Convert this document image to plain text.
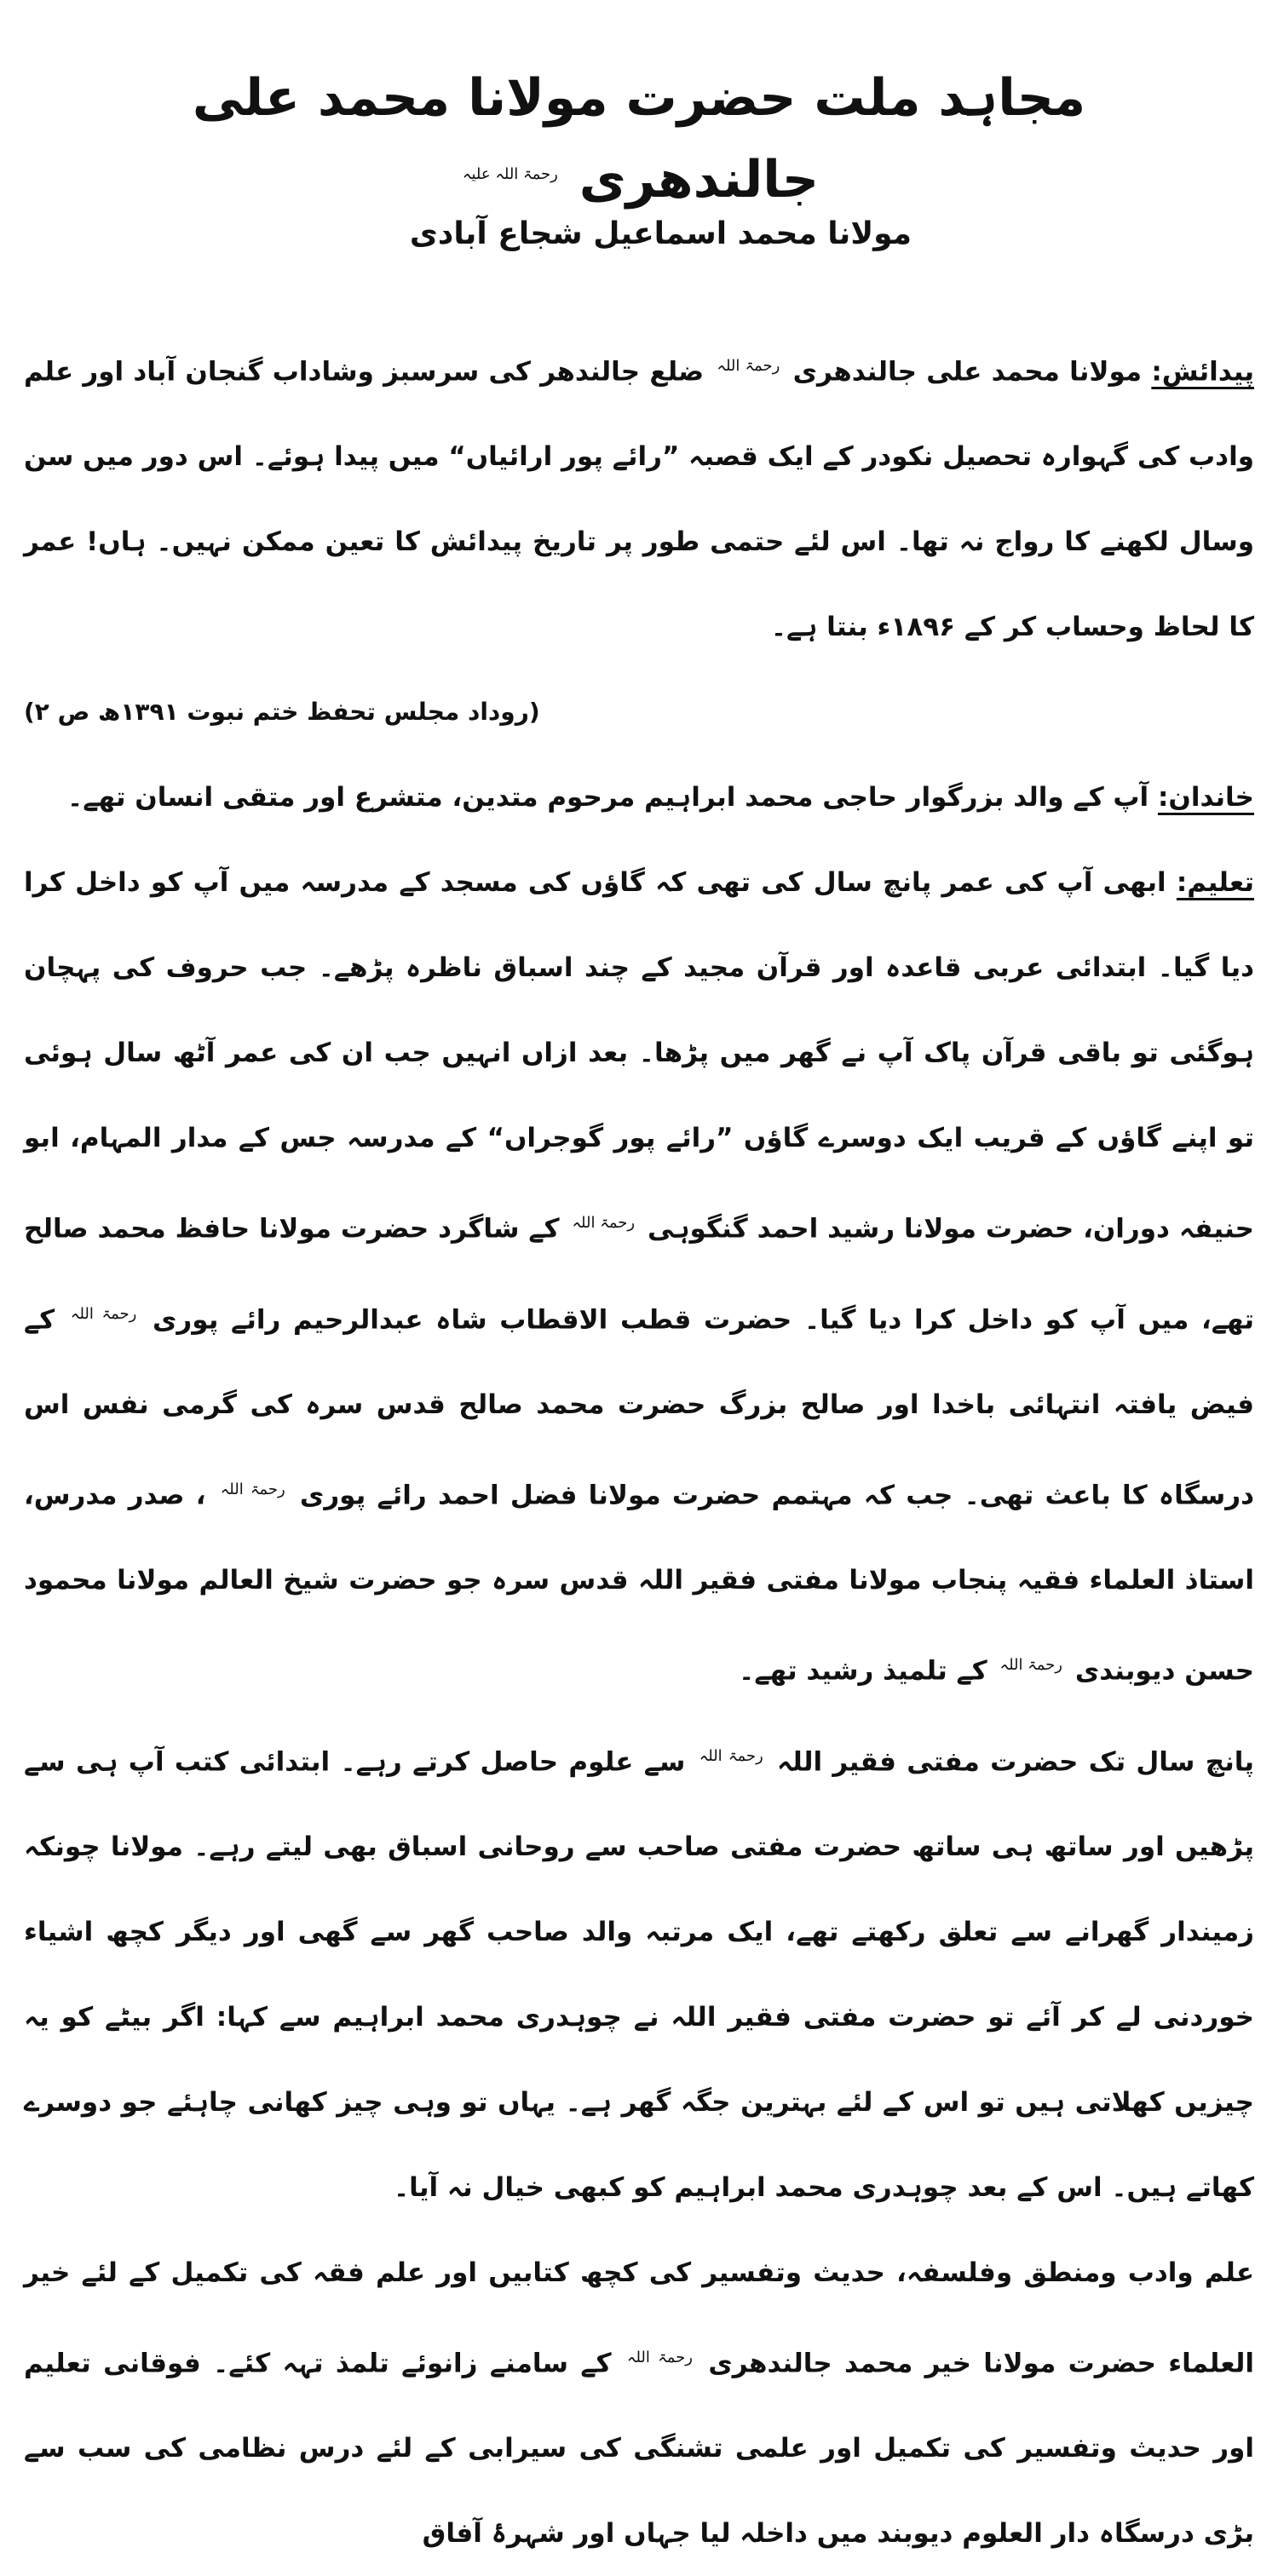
مجاہد ملت حضرت مولانا محمد علی جالندھری $^{رحمۃ اللہ علیہ}$
مولانا محمد اسماعیل شجاع آبادی

پیدائش: مولانا محمد علی جالندھری $^{رحمۃ اللہ}$ ضلع جالندھر کی سرسبز وشاداب گنجان آباد اور علم وادب کی گہوارہ تحصیل نکودر کے ایک قصبہ ”رائے پور ارائیاں“ میں پیدا ہوئے۔ اس دور میں سن وسال لکھنے کا رواج نہ تھا۔ اس لئے حتمی طور پر تاریخ پیدائش کا تعین ممکن نہیں۔ ہاں! عمر کا لحاظ وحساب کر کے ۱۸۹۶ء بنتا ہے۔

(روداد مجلس تحفظ ختم نبوت ۱۳۹۱ھ ص ۲)

خاندان: آپ کے والد بزرگوار حاجی محمد ابراہیم مرحوم متدین، متشرع اور متقی انسان تھے۔

تعلیم: ابھی آپ کی عمر پانچ سال کی تھی کہ گاؤں کی مسجد کے مدرسہ میں آپ کو داخل کرا دیا گیا۔ ابتدائی عربی قاعدہ اور قرآن مجید کے چند اسباق ناظرہ پڑھے۔ جب حروف کی پہچان ہوگئی تو باقی قرآن پاک آپ نے گھر میں پڑھا۔ بعد ازاں انہیں جب ان کی عمر آٹھ سال ہوئی تو اپنے گاؤں کے قریب ایک دوسرے گاؤں ”رائے پور گوجراں“ کے مدرسہ جس کے مدار المہام، ابو حنیفہ دوران، حضرت مولانا رشید احمد گنگوہی $^{رحمۃ اللہ}$ کے شاگرد حضرت مولانا حافظ محمد صالح تھے، میں آپ کو داخل کرا دیا گیا۔ حضرت قطب الاقطاب شاہ عبدالرحیم رائے پوری $^{رحمۃ اللہ}$ کے فیض یافتہ انتہائی باخدا اور صالح بزرگ حضرت محمد صالح قدس سرہ کی گرمی نفس اس درسگاہ کا باعث تھی۔ جب کہ مہتمم حضرت مولانا فضل احمد رائے پوری $^{رحمۃ اللہ}$ ، صدر مدرس، استاذ العلماء فقیہ پنجاب مولانا مفتی فقیر اللہ قدس سرہ جو حضرت شیخ العالم مولانا محمود حسن دیوبندی $^{رحمۃ اللہ}$ کے تلمیذ رشید تھے۔

پانچ سال تک حضرت مفتی فقیر اللہ $^{رحمۃ اللہ}$ سے علوم حاصل کرتے رہے۔ ابتدائی کتب آپ ہی سے پڑھیں اور ساتھ ہی ساتھ حضرت مفتی صاحب سے روحانی اسباق بھی لیتے رہے۔ مولانا چونکہ زمیندار گھرانے سے تعلق رکھتے تھے، ایک مرتبہ والد صاحب گھر سے گھی اور دیگر کچھ اشیاء خوردنی لے کر آئے تو حضرت مفتی فقیر اللہ نے چوہدری محمد ابراہیم سے کہا: اگر بیٹے کو یہ چیزیں کھلاتی ہیں تو اس کے لئے بہترین جگہ گھر ہے۔ یہاں تو وہی چیز کھانی چاہئے جو دوسرے کھاتے ہیں۔ اس کے بعد چوہدری محمد ابراہیم کو کبھی خیال نہ آیا۔

علم وادب ومنطق وفلسفہ، حدیث وتفسیر کی کچھ کتابیں اور علم فقہ کی تکمیل کے لئے خیر العلماء حضرت مولانا خیر محمد جالندھری $^{رحمۃ اللہ}$ کے سامنے زانوئے تلمذ تہہ کئے۔ فوقانی تعلیم اور حدیث وتفسیر کی تکمیل اور علمی تشنگی کی سیرابی کے لئے درس نظامی کی سب سے بڑی درسگاہ دار العلوم دیوبند میں داخلہ لیا جہاں اور شہرۂ آفاق
